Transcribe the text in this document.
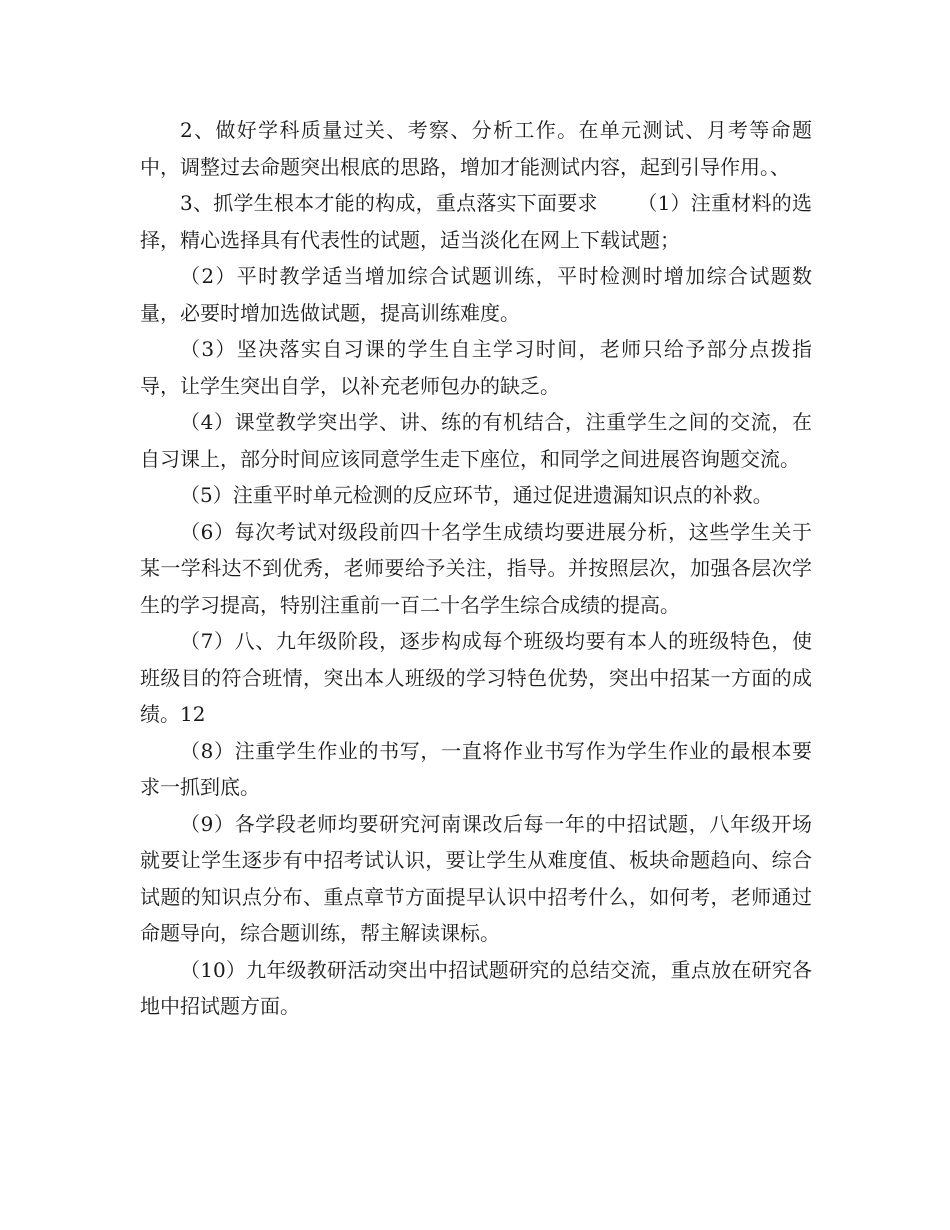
2、做好学科质量过关、考察、分析工作。在单元测试、月考等命题中，调整过去命题突出根底的思路，增加才能测试内容，起到引导作用。、

3、抓学生根本才能的构成，重点落实下面要求      （1）注重材料的选择，精心选择具有代表性的试题，适当淡化在网上下载试题；

（2）平时教学适当增加综合试题训练，平时检测时增加综合试题数量，必要时增加选做试题，提高训练难度。

（3）坚决落实自习课的学生自主学习时间，老师只给予部分点拨指导，让学生突出自学，以补充老师包办的缺乏。

（4）课堂教学突出学、讲、练的有机结合，注重学生之间的交流，在自习课上，部分时间应该同意学生走下座位，和同学之间进展咨询题交流。

（5）注重平时单元检测的反应环节，通过促进遗漏知识点的补救。

（6）每次考试对级段前四十名学生成绩均要进展分析，这些学生关于某一学科达不到优秀，老师要给予关注，指导。并按照层次，加强各层次学生的学习提高，特别注重前一百二十名学生综合成绩的提高。

（7）八、九年级阶段，逐步构成每个班级均要有本人的班级特色，使班级目的符合班情，突出本人班级的学习特色优势，突出中招某一方面的成绩。12

（8）注重学生作业的书写，一直将作业书写作为学生作业的最根本要求一抓到底。

（9）各学段老师均要研究河南课改后每一年的中招试题，八年级开场就要让学生逐步有中招考试认识，要让学生从难度值、板块命题趋向、综合试题的知识点分布、重点章节方面提早认识中招考什么，如何考，老师通过命题导向，综合题训练，帮主解读课标。

（10）九年级教研活动突出中招试题研究的总结交流，重点放在研究各地中招试题方面。
